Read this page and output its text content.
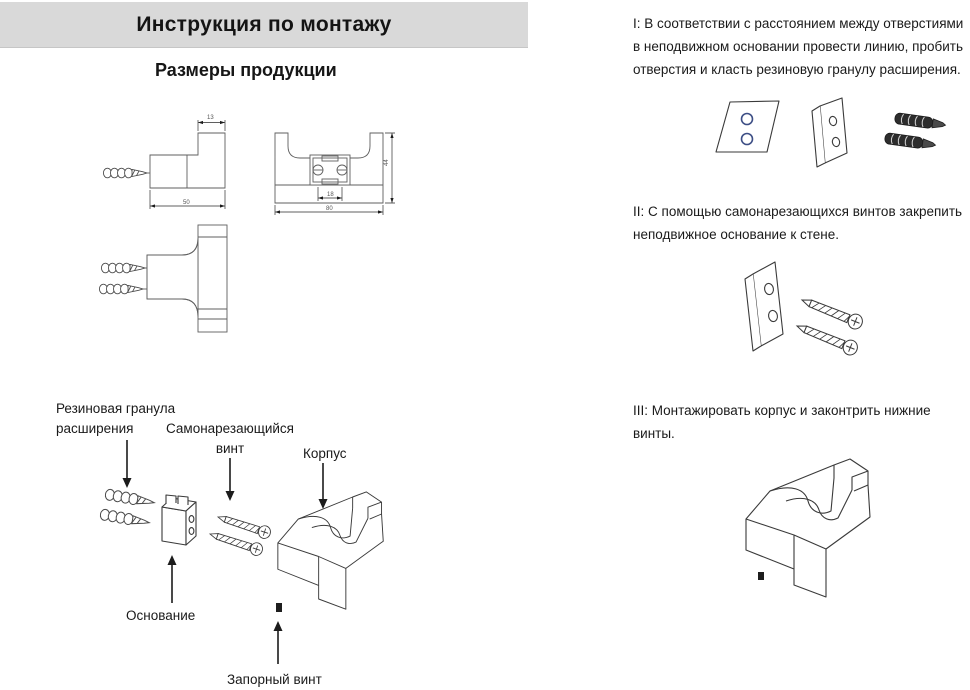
Инструкция по монтажу
Размеры продукции
13
50
44
18
80
Резиновая гранула расширения	Самонарезающийся винт	Корпус
Основание
Запорный винт
I: В соответствии с расстоянием между отверстиями в неподвижном основании провести линию, пробить отверстия и класть резиновую гранулу расширения.
II: С помощью самонарезающихся винтов закрепить неподвижное основание к стене.
III: Монтажировать корпус и законтрить нижние винты.
